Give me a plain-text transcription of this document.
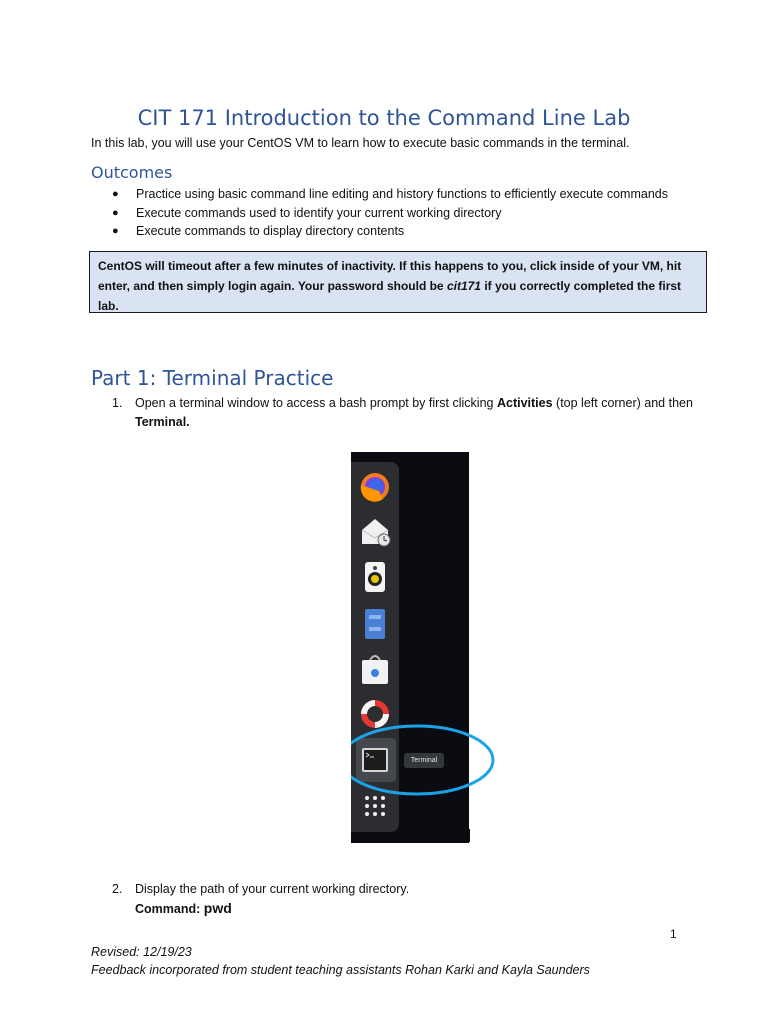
CIT 171 Introduction to the Command Line Lab
In this lab, you will use your CentOS VM to learn how to execute basic commands in the terminal.
Outcomes
●	Practice using basic command line editing and history functions to efficiently execute commands
●	Execute commands used to identify your current working directory
●	Execute commands to display directory contents
CentOS will timeout after a few minutes of inactivity. If this happens to you, click inside of your VM, hit enter, and then simply login again. Your password should be cit171 if you correctly completed the first lab.
Part 1: Terminal Practice
1. Open a terminal window to access a bash prompt by first clicking Activities (top left corner) and then Terminal.
Terminal
2. Display the path of your current working directory.
Command: pwd
1
Revised: 12/19/23
Feedback incorporated from student teaching assistants Rohan Karki and Kayla Saunders
